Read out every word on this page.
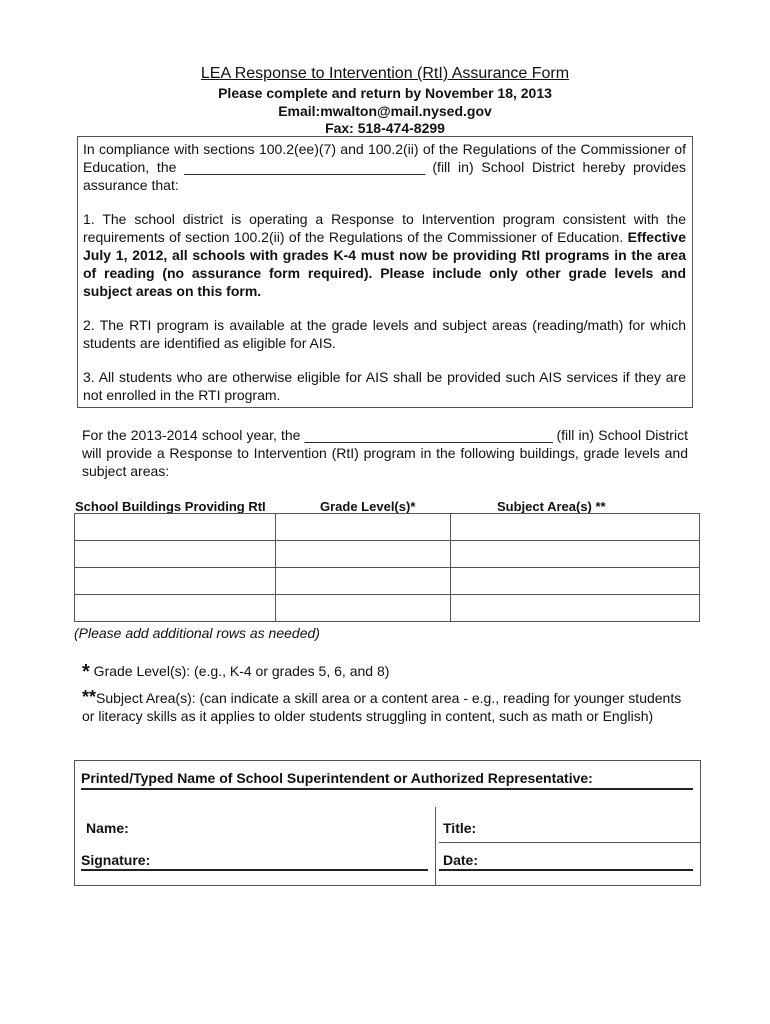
LEA Response to Intervention (RtI) Assurance Form
Please complete and return by November 18, 2013
Email:mwalton@mail.nysed.gov
Fax: 518-474-8299

In compliance with sections 100.2(ee)(7) and 100.2(ii) of the Regulations of the Commissioner of Education, the _________________________________ (fill in) School District hereby provides assurance that:

1. The school district is operating a Response to Intervention program consistent with the requirements of section 100.2(ii) of the Regulations of the Commissioner of Education. Effective July 1, 2012, all schools with grades K-4 must now be providing RtI programs in the area of reading (no assurance form required). Please include only other grade levels and subject areas on this form.

2. The RTI program is available at the grade levels and subject areas (reading/math) for which students are identified as eligible for AIS.

3. All students who are otherwise eligible for AIS shall be provided such AIS services if they are not enrolled in the RTI program.

For the 2013-2014 school year, the __________________________________ (fill in) School District will provide a Response to Intervention (RtI) program in the following buildings, grade levels and subject areas:

School Buildings Providing RtI	Grade Level(s)*	Subject Area(s) **

(Please add additional rows as needed)
* Grade Level(s): (e.g., K-4 or grades 5, 6, and 8)

**Subject Area(s): (can indicate a skill area or a content area - e.g., reading for younger students or literacy skills as it applies to older students struggling in content, such as math or English)

Printed/Typed Name of School Superintendent or Authorized Representative:
Name:	Title:
Signature:	Date:
